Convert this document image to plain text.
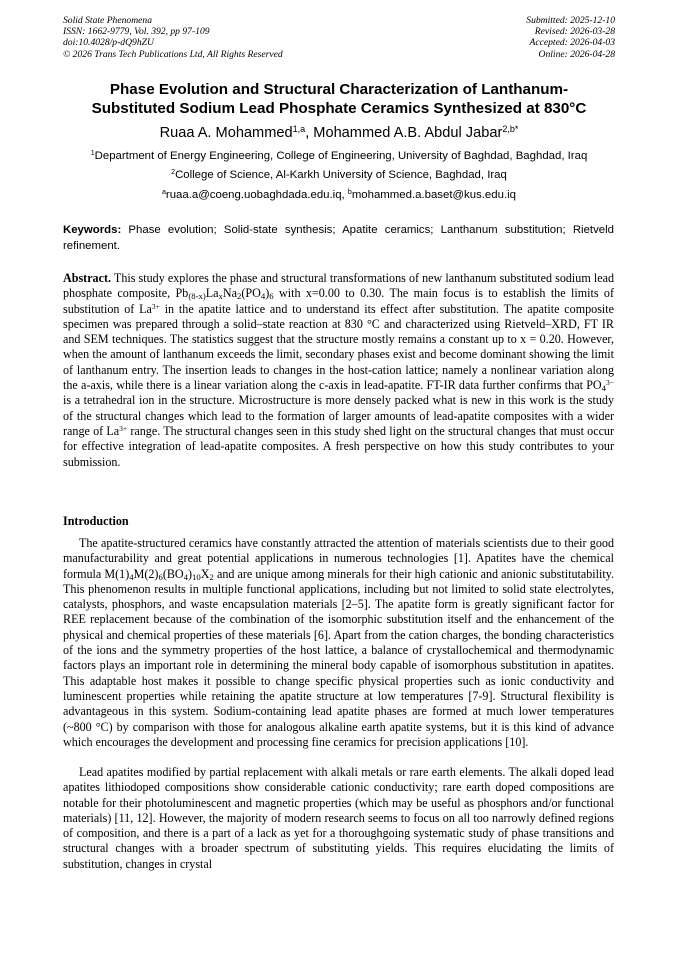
Solid State Phenomena
ISSN: 1662-9779, Vol. 392, pp 97-109
doi:10.4028/p-dQ9hZU
© 2026 Trans Tech Publications Ltd, All Rights Reserved
Submitted: 2025-12-10
Revised: 2026-03-28
Accepted: 2026-04-03
Online: 2026-04-28
Phase Evolution and Structural Characterization of Lanthanum-
Substituted Sodium Lead Phosphate Ceramics Synthesized at 830°C
Ruaa A. Mohammed$^{1,a}$, Mohammed A.B. Abdul Jabar$^{2,b*}$
$^1$Department of Energy Engineering, College of Engineering, University of Baghdad, Baghdad, Iraq
$^2$College of Science, Al-Karkh University of Science, Baghdad, Iraq
$^a$ruaa.a@coeng.uobaghdada.edu.iq, $^b$mohammed.a.baset@kus.edu.iq
Keywords: Phase evolution; Solid-state synthesis; Apatite ceramics; Lanthanum substitution; Rietveld refinement.
Abstract. This study explores the phase and structural transformations of new lanthanum substituted sodium lead phosphate composite, $Pb_{(8-x)}La_xNa_2(PO_4)_6$ with x=0.00 to 0.30. The main focus is to establish the limits of substitution of $La^{3+}$ in the apatite lattice and to understand its effect after substitution. The apatite composite specimen was prepared through a solid–state reaction at 830 °C and characterized using Rietveld–XRD, FT IR and SEM techniques. The statistics suggest that the structure mostly remains a constant up to x = 0.20. However, when the amount of lanthanum exceeds the limit, secondary phases exist and become dominant showing the limit of lanthanum entry. The insertion leads to changes in the host-cation lattice; namely a nonlinear variation along the a-axis, while there is a linear variation along the c-axis in lead-apatite. FT-IR data further confirms that $PO_4^{3-}$ is a tetrahedral ion in the structure. Microstructure is more densely packed what is new in this work is the study of the structural changes which lead to the formation of larger amounts of lead-apatite composites with a wider range of $La^{3+}$ range. The structural changes seen in this study shed light on the structural changes that must occur for effective integration of lead-apatite composites. A fresh perspective on how this study contributes to your submission.
Introduction
The apatite-structured ceramics have constantly attracted the attention of materials scientists due to their good manufacturability and great potential applications in numerous technologies [1]. Apatites have the chemical formula $M(1)_4M(2)_6(BO_4)_{10}X_2$ and are unique among minerals for their high cationic and anionic substitutability. This phenomenon results in multiple functional applications, including but not limited to solid state electrolytes, catalysts, phosphors, and waste encapsulation materials [2–5]. The apatite form is greatly significant factor for REE replacement because of the combination of the isomorphic substitution itself and the enhancement of the physical and chemical properties of these materials [6]. Apart from the cation charges, the bonding characteristics of the ions and the symmetry properties of the host lattice, a balance of crystallochemical and thermodynamic factors plays an important role in determining the mineral body capable of isomorphous substitution in apatites. This adaptable host makes it possible to change specific physical properties such as ionic conductivity and luminescent properties while retaining the apatite structure at low temperatures [7-9]. Structural flexibility is advantageous in this system. Sodium-containing lead apatite phases are formed at much lower temperatures (~800 °C) by comparison with those for analogous alkaline earth apatite systems, but it is this kind of advance which encourages the development and processing fine ceramics for precision applications [10].
Lead apatites modified by partial replacement with alkali metals or rare earth elements. The alkali doped lead apatites lithiodoped compositions show considerable cationic conductivity; rare earth doped compositions are notable for their photoluminescent and magnetic properties (which may be useful as phosphors and/or functional materials) [11, 12]. However, the majority of modern research seems to focus on all too narrowly defined regions of composition, and there is a part of a lack as yet for a thoroughgoing systematic study of phase transitions and structural changes with a broader spectrum of substituting yields. This requires elucidating the limits of substitution, changes in crystal
